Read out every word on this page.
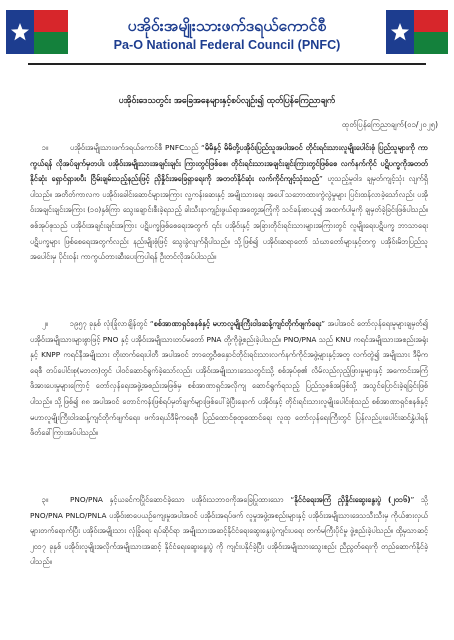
ပအိုဝ်းအမျိုးသားဖက်ဒရယ်ကောင်စီ
Pa-O National Federal Council (PNFC)
ပအိုဝ်းဒေသတွင်း အခြေအနေများနှင့်စပ်လျဉ်း၍ ထုတ်ပြန်ကြေညာချက်
ထုတ်ပြန်ကြေညာချက်(၀၁/၂၀၂၅)

၁။	ပအိုဝ်းအမျိုးသားဖက်ဒရယ်ကောင်စီ PNFCသည် “မိမိနှင့် မိမိတို့ပအိုဝ်းပြည်သူအပါအဝင် တိုင်းရင်းသားလူမျိုးပေါင်းစုံ ပြည်သူများကို ကာကွယ်ရန် လိုအပ်ချက်မှတပါး ပအိုဝ်းအမျိုးသားအချင်းချင်း ကြားတွင်ဖြစ်စေ၊ တိုင်းရင်းသားအချင်းချင်းကြားတွင်ဖြစ်စေ လက်နက်ကိုင် ပဋိပက္ခကိုအတတ်နိုင်ဆုံး ရှောင်ရှားၿပီး ငြိမ်းချမ်းသည့်နည်းဖြင့် ညှိနှိုင်းအခြေရှာရေးကို အတတ်နိုင်ဆုံး လက်ကိုင်ကျင့်သုံးသည်” ဟူသည့်မူဝါဒ ချမှတ်ကျင့်သုံး လျက်ရှိပါသည်။ အတိတ်ကာလက ပအိုဝ်းခေါင်းဆောင်များအကြား လူ့ကန်းဆေးနှင့် အမျိုးသားရေး အပေါ်သဘောထားကွဲလွဲမှုများ ပြင်းထန်လာခဲ့သော်လည်း ပအိုဝ်းအချင်းချင်းအကြား (၁၀)နှစ်ကြာ သွေးချောင်းစီးခဲ့ရသည့် ခါးသီးနာကျဉ်းဖွယ်ရာအတွေ့အကြုံကို သင်ခန်းစာယူ၍ အထက်ပါမူကို ချမှတ်ခဲ့ခြင်းဖြစ်ပါသည်။ စစ်အုပ်စုသည် ပအိုဝ်းအချင်းချင်းအကြား ပဋိပက္ခဖြစ်စေရေးအတွက် ၎င်း ပအိုဝ်းနှင့် အခြားတိုင်းရင်းသားများအကြားတွင် လူမျိုးရေးပဋိပက္ခ ဘာသာရေးပဋိပက္ခများ ဖြစ်စေရေးအတွက်လည်း နည်းမျိုးစုံဖြင့် သွေးခွဲလျက်ရှိပါသည်။ သို့ဖြစ်၍ ပအိုဝ်းဆရာတော် သံဃာတော်များနှင့်တကွ ပအိုဝ်းမိဘပြည်သူအပေါင်းမှ ပိုင်းဝန်း ကာကွယ်တားဆီးပေးကြပါရန် ဦးတင်လိုအပ်ပါသည်။

၂။	၁၉၅၇ ခုနှစ် လုံးခြုံလာချိန်တွင် “စစ်အာဏာရှင်စနစ်နှင့် မဟာလူမျိုးကြီးဝါဒဆန့်ကျင်တိုက်ဖျက်ရေး” အပါအဝင် တော်လှန်ရေးမူများချမှတ်၍ ပအိုဝ်းအမျိုးသားများစွာဖြင့် PNO နှင့် ပအိုဝ်းအမျိုးသားတပ်မတော် PNA တို့ကိုဖွဲ့စည်းခဲ့ပါသည်။ PNO/PNA သည် KNU ကရင်အမျိုးသားအစည်းအရုံးနှင့် KNPP ကရင်နီအမျိုးသား တိုးတက်ရေးပါတီ အပါအဝင် ဘာတွေ့ဝီစနှောင်တိုင်းရင်းသားလက်နက်ကိုင်အဖွဲ့များနှင့်အတူ လက်တွဲ၍ အမျိုးသား ဒီမိုကရေစီ တပ်ပေါင်းစု(မဘတ)တွင် ပါဝင်ဆောင်ရွက်ခဲ့သော်လည်း ပအိုဝ်းအမျိုးသားဒေသတွင်းသို့ စစ်အုပ်စု၏ လိမ်လည်လှည့်ဖြားမှုများနှင့် အကောင်းအကြံ ဖိအားပေးမှုများကြောင့် တော်လှန်ရေးအဖွဲ့အစည်းအဖြစ်မှ စစ်အာဏာရှင်အလိုကျ ဆောင်ရွက်ရသည့် ပြည်သူ့စစ်အဖြစ်သို့ အသွင်ပြောင်းခဲ့ရခြင်းဖြစ်ပါသည်။ သို့ဖြစ်၍ ၈၈ အပါအဝင် တောင်ကန်းဖြစ်ရပ်မှတ်ချက်များဖြစ်ပေါ်ခဲ့ပြီးနောက် ပအိုဝ်းနှင့် တိုင်းရင်းသားလူမျိုးပေါင်းစုံသည် စစ်အာဏာရှင်စနစ်နှင့် မဟာလူမျိုးကြီးဝါဒဆန့်ကျင်တိုက်ဖျက်ရေး၊ ဖက်ဒရယ်ဒီမိုကရေစီ ပြည်ထောင်စုထူထောင်ရေး လူထု တော်လှန်ရေးကြီးတွင် ပြန်လည်ပူးပေါင်းဆင်နွှဲပါရန် ဖိတ်ခေါ်ကြားအပ်ပါသည်။

၃။	PNO/PNA နှင့်ယခင်ကပြိုင်ဆောင်ခဲ့သော ပအိုဝ်းသဘာဝကိုအခြေပြုထားသော “နိုင်ငံရေးအကြံ ညှိနှိုင်းဆွေးနွေးပွဲ (၂၀၁၆)” သို့ PNO/PNA PNLO/PNLA ပအိုဝ်းစာပေယဉ်ကျေးမှုအပါအဝင် ပအိုဝ်းအရပ်ဖက် လူမှုအဖွဲ့အစည်းများနှင့် ပအိုဝ်းအမျိုးသားဒေသသီးသီးမှ ကိုယ်စားလှယ်များတက်ရောက်ပြီး ပအိုဝ်းအမျိုးသား လုံခြုံရေး ရပ်ဆိုင်ရာ အမျိုးသားအဆင့်နိုင်ငံရေးဆွေးနွေးပွဲကျင်းပရေး တက်မကြီးပိုင်မှု ဖွဲ့စည်းခဲ့ပါသည်။ ထို့မှသာဆင့် ၂၀၁၇ ခုနှစ် ပအိုဝ်းလူမျိုးအလိုက်အမျိုးသားအဆင့် နိုင်ငံရေးဆွေးနွေးပွဲ ကို ကျင်းပနိုင်ခဲ့ပြီး ပအိုဝ်းအမျိုးသားသွေးစည်း ညီညွတ်ရေးကို တည်ဆောက်နိုင်ခဲ့ပါသည်။
